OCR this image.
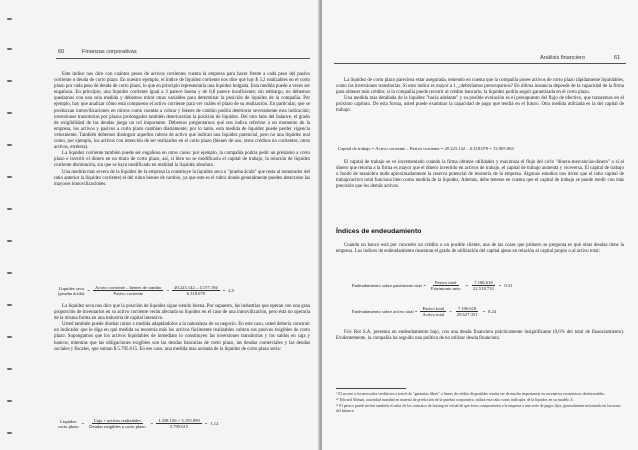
60	Finanzas corporativas

Este índice nos dice con cuántos pesos de activos corrientes cuenta la empresa para hacer frente a cada peso del pasivo corriente o deuda de corto plazo. En nuestro ejemplo, el índice de liquidez corriente nos dice que hay $ 3,2 realizables en el corto plazo por cada peso de deuda de corto plazo, lo que en principio representaría una liquidez holgada. Esta medida puede a veces ser engañosa. En principio, una liquidez corriente igual a 3 parece buena y de 0,8 parece insuficiente; sin embargo, no debemos quedarnos con una sola medida y debemos mirar otras variables para determinar la posición de liquidez de la compañía. Por ejemplo, hay que analizar cómo está compuesto el activo corriente para ver cuáles el plazo de su realización. En particular, que se produzcan inmovilizaciones en rubros como cuentas a cobrar y bienes de cambio podría deteriorar severamente esta indicación; inversiones transitorias por plazos prolongados también deteriorarían la posición de liquidez. Del otro lado del balance, el grado de exigibilidad de las deudas juega un rol importante. Debemos preguntarnos qué nos indica referirse a un momento de la empresa, los activos y pasivos a corto plazo cambian diariamente; por lo tanto, esta medida de liquidez puede perder vigencia velozmente. También debemos distinguir aquellos rubros de activo que indican una liquidez potencial, pero no una liquidez real como, por ejemplo, los activos con intención de ser realizados en el corto plazo (bienes de uso, otros créditos no corrientes, otros activos, etcétera).

La liquidez corriente también puede ser engañosa en otros casos: por ejemplo, la compañía podría pedir un préstamo a corto plazo e invertir el dinero en un título de corto plazo, así, si bien no se modificaría el capital de trabajo, la relación de liquidez corriente disminuiría, sin que se haya modificado en realidad la liquidez absoluta.

Una medida más severa de la liquidez de la empresa la constituye la liquidez seca o "prueba ácida" que resta al numerador del ratio anterior la liquidez corriente) el del rubro bienes de cambio, ya que este es el rubro donde generalmente pueden detectarse las mayores inmovilizaciones:

Liquidez seca
(prueba ácida)
= $\frac{\text{Activo corriente – bienes de cambio}}{\text{Pasivo corriente}} = \frac{20.223.142 - 4.157.194}{6.318.079} = 2,5$

La liquidez seca nos dice que la posición de liquidez sigue siendo buena. Por supuesto, las industrias que operan con una gran proporción de inventarios en su activo corriente verán afectada su liquidez en el caso de una inmovilización, pero ésta no operaría de la misma forma en una industria de capital intensivo.

Usted también puede diseñar ratios a medida adaptándolos a la naturaleza de su negocio. En este caso, usted debería construir un indicador que le diga en qué medida su tesorería más los activos fácilmente realizables cubren sus pasivos exigibles de corto plazo. Supongamos que los activos liquidables de inmediato lo constituyen las inversiones transitorias y los saldos en caja y bancos; mientras que las obligaciones exigibles son las deudas bancarias de corto plazo, las deudas comerciales y las deudas sociales y fiscales, que suman $ 5.795.615. En ese caso, una medida más acotada de la liquidez de corto plazo sería:

Liquidez
corto plazo
= $\frac{\text{Caja + activos realizables}}{\text{Deudas exigibles a corto plazo}} = \frac{1.338.156 + 5.155.090}{5.795.615} = 1,12$
Análisis financiero	61

La liquidez de corto plazo pareciera estar asegurada, teniendo en cuenta que la compañía posee activos de corto plazo rápidamente liquidables, como las inversiones transitorias. Si esto indica es mayor a 1, ¿deberíamos preocuparnos? En última instancia depende de la capacidad de la firma para obtener más crédito; si la compañía puede recurrir al crédito bancario, la liquidez podría seguir garantizada en el corto plazo.

Una medida más detallada de la liquidez "hacia adelante" y su posible evolución es el presupuesto del flujo de efectivo, que trataremos en el próximo capítulo. De esta forma, usted puede examinar la capacidad de pago que tendrá en el futuro. Otra medida utilizada es la del capital de trabajo:

Capital de trabajo = Activo corriente – Pasivo corriente = 20.223.142 – 6.318.079 = 13.905.063

El capital de trabajo se ve incrementado cuando la firma obtiene utilidades y maximiza el flujo del ciclo "dinero-mercancías-dinero" o sí el dinero que retorna a la firma es mayor que el dinero invertido en activos de trabajo, el capital de trabajo aumenta y viceversa. El capital de trabajo o fondo de maniobra mide aproximadamente la reserva potencial de tesorería de la empresa. Algunos estudios nos dicen que el ratio capital de trabajo/activo total funciona bien como medida de la liquidez. Además, debe tenerse en cuenta que el capital de trabajo se puede medir con más precisión que los demás activos.

Índices de endeudamiento

Cuando un banco está por conceder un crédito o un posible cliente, una de las cosas que primero se pregunta es qué otras deudas tiene la empresa. Los índices de endeudamiento muestran el grado de utilización del capital ajeno en relación al capital propio o al activo total:

Endeudamiento sobre patrimonio neto = $\frac{\text{Pasivo total}}{\text{Patrimonio neto}} = \frac{7.106.618}{22.518.733} = 0,31$
Endeudamiento sobre activo total = $\frac{\text{Pasivo total}}{\text{Activo total}} = \frac{7.106.618}{29.627.351} = 0,24$

Fric Rot S.A. presenta un endeudamiento bajo, con una deuda financiera prácticamente insignificante (0,6% del total de financiamiento). Evidentemente, la compañía ha seguido una política de no utilizar deuda financiera.

⁹ El acceso a los mercados crediticios a través de "garantías libres" o líneas de crédito disponibles resulta ser de mucha importancia en escenarios económicos desfavorables.

¹⁰ Edward Altman, autoridad mundial en materia de predicción de la quiebra corporativa, utiliza este ratio como indicador de la liquidez en su modelo Z.

¹¹ El pasivo puede incluir también el valor de los contratos de leasing en virtud de que éstos comprometen a la empresa a una serie de pagos fijos, generalmente informado en las notas del balance.
